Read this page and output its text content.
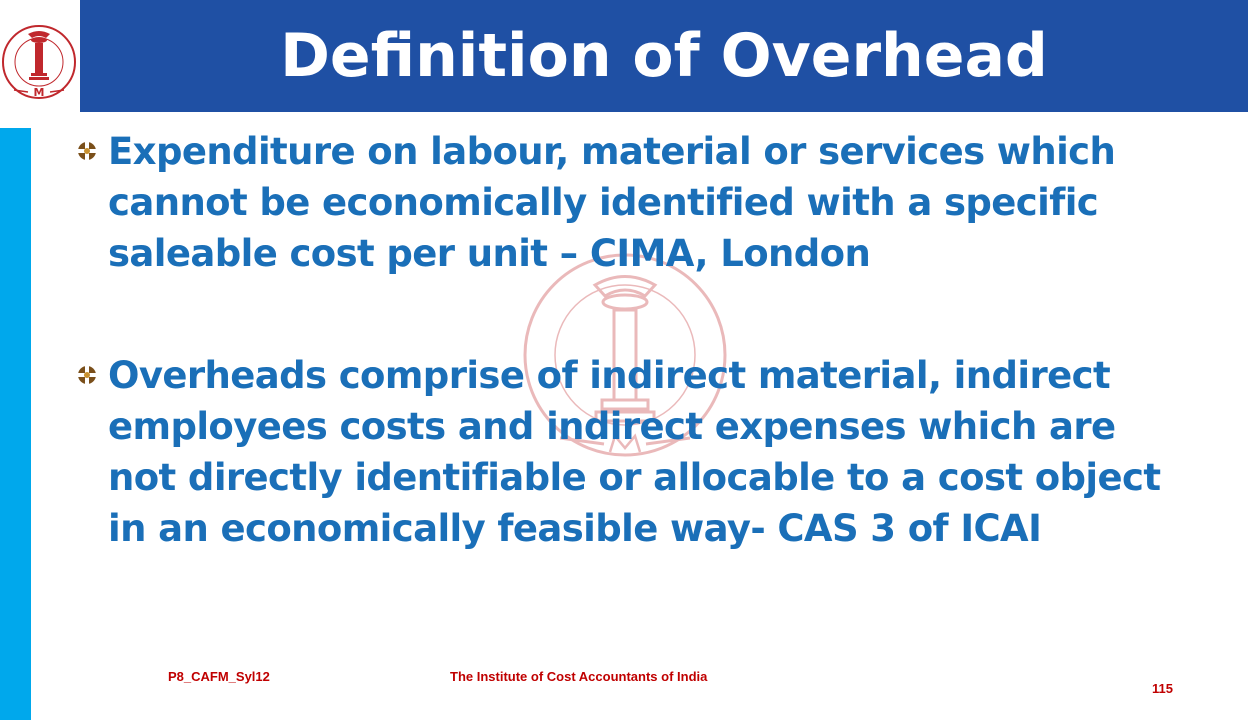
Definition of Overhead
M
Expenditure on labour, material or services which
cannot be economically identified with a specific
saleable cost per unit – CIMA, London
Overheads comprise of indirect material, indirect
employees costs and indirect expenses which are
not directly identifiable or allocable to a cost object
in an economically feasible way- CAS 3 of ICAI
P8_CAFM_Syl12	The Institute of Cost Accountants of India
115
